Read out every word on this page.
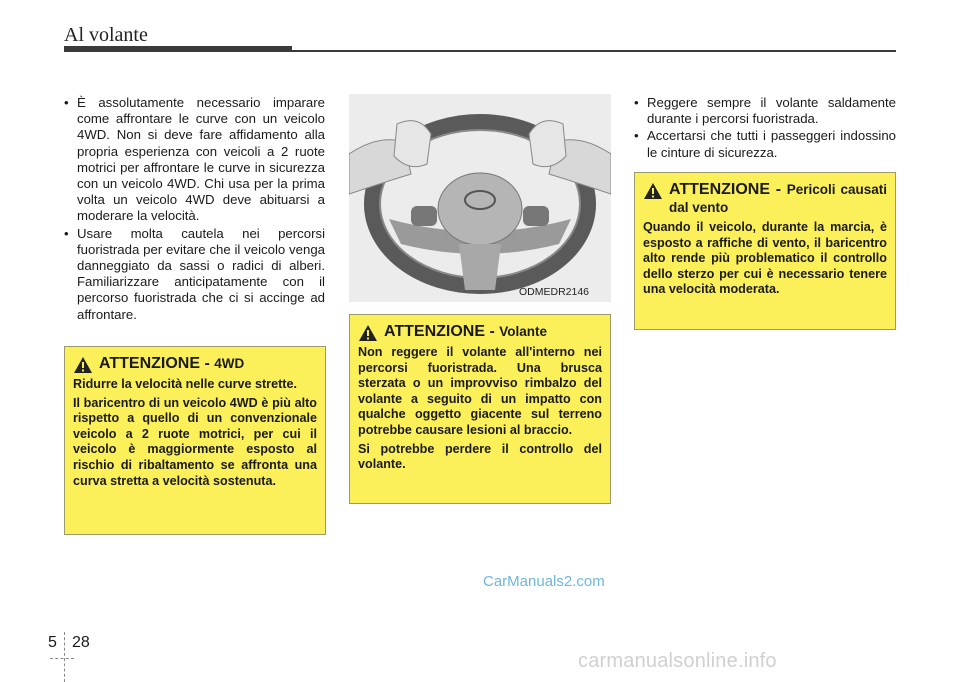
Al volante
• È assolutamente necessario imparare come affrontare le curve con un veicolo 4WD. Non si deve fare affidamento alla propria esperienza con veicoli a 2 ruote motrici per affrontare le curve in sicurezza con un veicolo 4WD. Chi usa per la prima volta un veicolo 4WD deve abituarsi a moderare la velocità.
• Usare molta cautela nei percorsi fuoristrada per evitare che il veicolo venga danneggiato da sassi o radici di alberi. Familiarizzare anticipatamente con il percorso fuoristrada che ci si accinge ad affrontare.
ATTENZIONE - 4WD

Ridurre la velocità nelle curve strette.

Il baricentro di un veicolo 4WD è più alto rispetto a quello di un convenzionale veicolo a 2 ruote motrici, per cui il veicolo è maggiormente esposto al rischio di ribaltamento se affronta una curva stretta a velocità sostenuta.

ODMEDR2146
ATTENZIONE - Volante

Non reggere il volante all'interno nei percorsi fuoristrada. Una brusca sterzata o un improvviso rimbalzo del volante a seguito di un impatto con qualche oggetto giacente sul terreno potrebbe causare lesioni al braccio.

Si potrebbe perdere il controllo del volante.

• Reggere sempre il volante saldamente durante i percorsi fuoristrada.
• Accertarsi che tutti i passeggeri indossino le cinture di sicurezza.
ATTENZIONE - Pericoli causati dal vento

Quando il veicolo, durante la marcia, è esposto a raffiche di vento, il baricentro alto rende più problematico il controllo dello sterzo per cui è necessario tenere una velocità moderata.

CarManuals2.com
5 28
carmanualsonline.info
